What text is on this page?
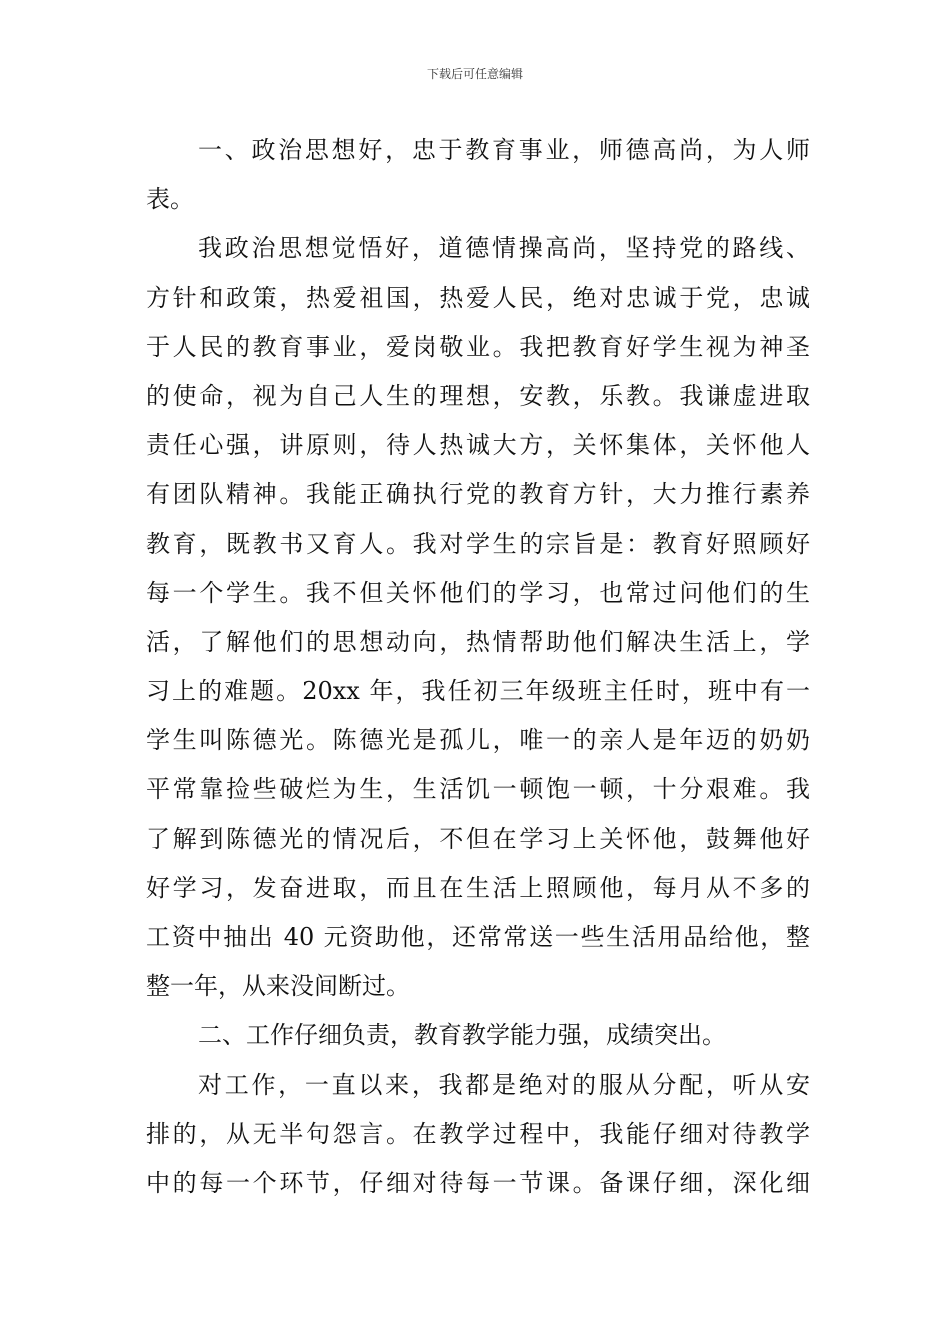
下载后可任意编辑
一、政治思想好，忠于教育事业，师德高尚，为人师
表。
我政治思想觉悟好，道德情操高尚，坚持党的路线、
方针和政策，热爱祖国，热爱人民，绝对忠诚于党，忠诚
于人民的教育事业，爱岗敬业。我把教育好学生视为神圣
的使命，视为自己人生的理想，安教，乐教。我谦虚进取
责任心强，讲原则，待人热诚大方，关怀集体，关怀他人
有团队精神。我能正确执行党的教育方针，大力推行素养
教育，既教书又育人。我对学生的宗旨是：教育好照顾好
每一个学生。我不但关怀他们的学习，也常过问他们的生
活，了解他们的思想动向，热情帮助他们解决生活上，学
习上的难题。20xx 年，我任初三年级班主任时，班中有一
学生叫陈德光。陈德光是孤儿，唯一的亲人是年迈的奶奶
平常靠捡些破烂为生，生活饥一顿饱一顿，十分艰难。我
了解到陈德光的情况后，不但在学习上关怀他，鼓舞他好
好学习，发奋进取，而且在生活上照顾他，每月从不多的
工资中抽出 40 元资助他，还常常送一些生活用品给他，整
整一年，从来没间断过。
二、工作仔细负责，教育教学能力强，成绩突出。
对工作，一直以来，我都是绝对的服从分配，听从安
排的，从无半句怨言。在教学过程中，我能仔细对待教学
中的每一个环节，仔细对待每一节课。备课仔细，深化细
